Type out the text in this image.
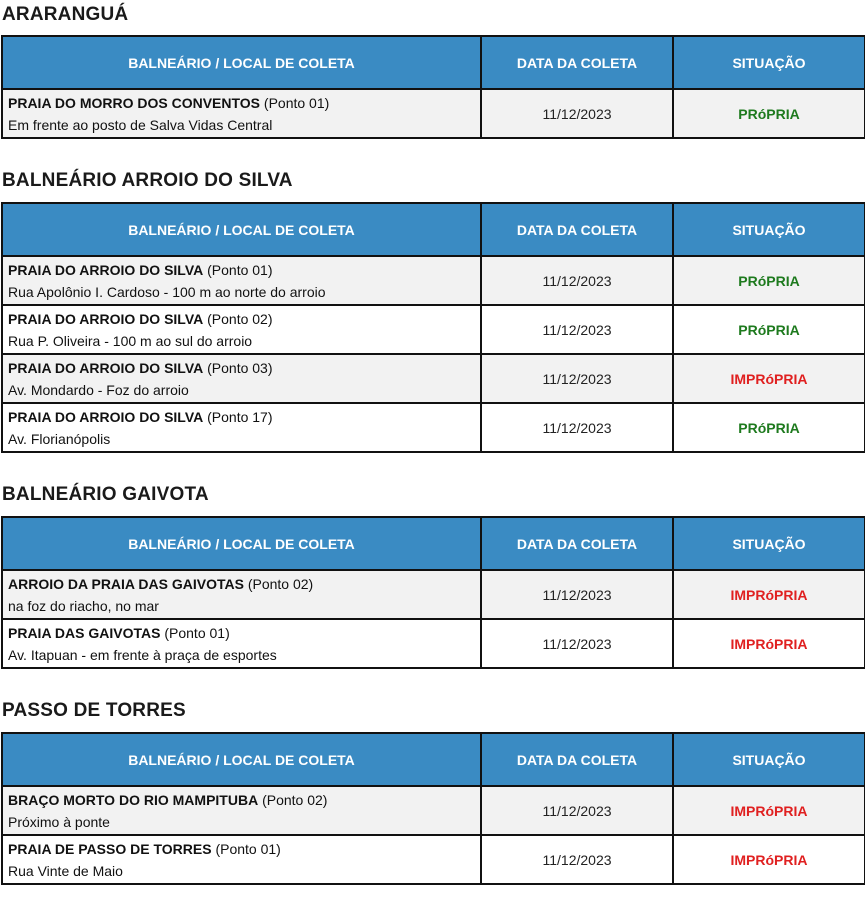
ARARANGUÁ
BALNEÁRIO / LOCAL DE COLETA	DATA DA COLETA	SITUAÇÃO
PRAIA DO MORRO DOS CONVENTOS (Ponto 01)
Em frente ao posto de Salva Vidas Central	11/12/2023	PRóPRIA
BALNEÁRIO ARROIO DO SILVA
BALNEÁRIO / LOCAL DE COLETA	DATA DA COLETA	SITUAÇÃO
PRAIA DO ARROIO DO SILVA (Ponto 01)
Rua Apolônio I. Cardoso - 100 m ao norte do arroio	11/12/2023	PRóPRIA
PRAIA DO ARROIO DO SILVA (Ponto 02)
Rua P. Oliveira - 100 m ao sul do arroio	11/12/2023	PRóPRIA
PRAIA DO ARROIO DO SILVA (Ponto 03)
Av. Mondardo - Foz do arroio	11/12/2023	IMPRóPRIA
PRAIA DO ARROIO DO SILVA (Ponto 17)
Av. Florianópolis	11/12/2023	PRóPRIA
BALNEÁRIO GAIVOTA
BALNEÁRIO / LOCAL DE COLETA	DATA DA COLETA	SITUAÇÃO
ARROIO DA PRAIA DAS GAIVOTAS (Ponto 02)
na foz do riacho, no mar	11/12/2023	IMPRóPRIA
PRAIA DAS GAIVOTAS (Ponto 01)
Av. Itapuan - em frente à praça de esportes	11/12/2023	IMPRóPRIA
PASSO DE TORRES
BALNEÁRIO / LOCAL DE COLETA	DATA DA COLETA	SITUAÇÃO
BRAÇO MORTO DO RIO MAMPITUBA (Ponto 02)
Próximo à ponte	11/12/2023	IMPRóPRIA
PRAIA DE PASSO DE TORRES (Ponto 01)
Rua Vinte de Maio	11/12/2023	IMPRóPRIA
